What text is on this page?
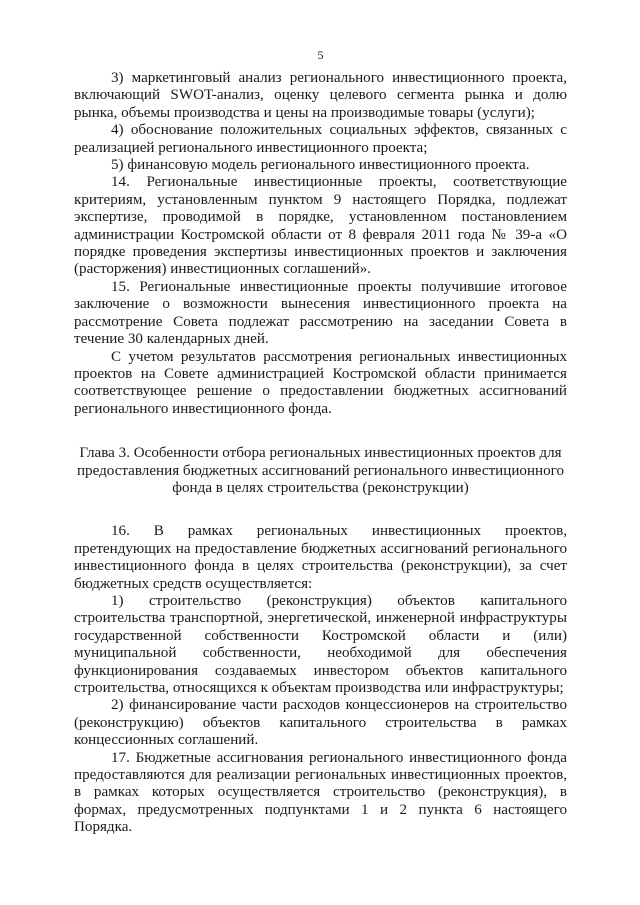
5

3) маркетинговый анализ регионального инвестиционного проекта, включающий SWOT-анализ, оценку целевого сегмента рынка и долю рынка, объемы производства и цены на производимые товары (услуги);

4) обоснование положительных социальных эффектов, связанных с реализацией регионального инвестиционного проекта;

5) финансовую модель регионального инвестиционного проекта.

14. Региональные инвестиционные проекты, соответствующие критериям, установленным пунктом 9 настоящего Порядка, подлежат экспертизе, проводимой в порядке, установленном постановлением администрации Костромской области от 8 февраля 2011 года № 39-а «О порядке проведения экспертизы инвестиционных проектов и заключения (расторжения) инвестиционных соглашений».

15. Региональные инвестиционные проекты получившие итоговое заключение о возможности вынесения инвестиционного проекта на рассмотрение Совета подлежат рассмотрению на заседании Совета в течение 30 календарных дней.

С учетом результатов рассмотрения региональных инвестиционных проектов на Совете администрацией Костромской области принимается соответствующее решение о предоставлении бюджетных ассигнований регионального инвестиционного фонда.

Глава 3. Особенности отбора региональных инвестиционных проектов для предоставления бюджетных ассигнований регионального инвестиционного фонда в целях строительства (реконструкции)

16. В рамках региональных инвестиционных проектов, претендующих на предоставление бюджетных ассигнований регионального инвестиционного фонда в целях строительства (реконструкции), за счет бюджетных средств осуществляется:

1) строительство (реконструкция) объектов капитального строительства транспортной, энергетической, инженерной инфраструктуры государственной собственности Костромской области и (или) муниципальной собственности, необходимой для обеспечения функционирования создаваемых инвестором объектов капитального строительства, относящихся к объектам производства или инфраструктуры;

2) финансирование части расходов концессионеров на строительство (реконструкцию) объектов капитального строительства в рамках концессионных соглашений.

17. Бюджетные ассигнования регионального инвестиционного фонда предоставляются для реализации региональных инвестиционных проектов, в рамках которых осуществляется строительство (реконструкция), в формах, предусмотренных подпунктами 1 и 2 пункта 6 настоящего Порядка.
